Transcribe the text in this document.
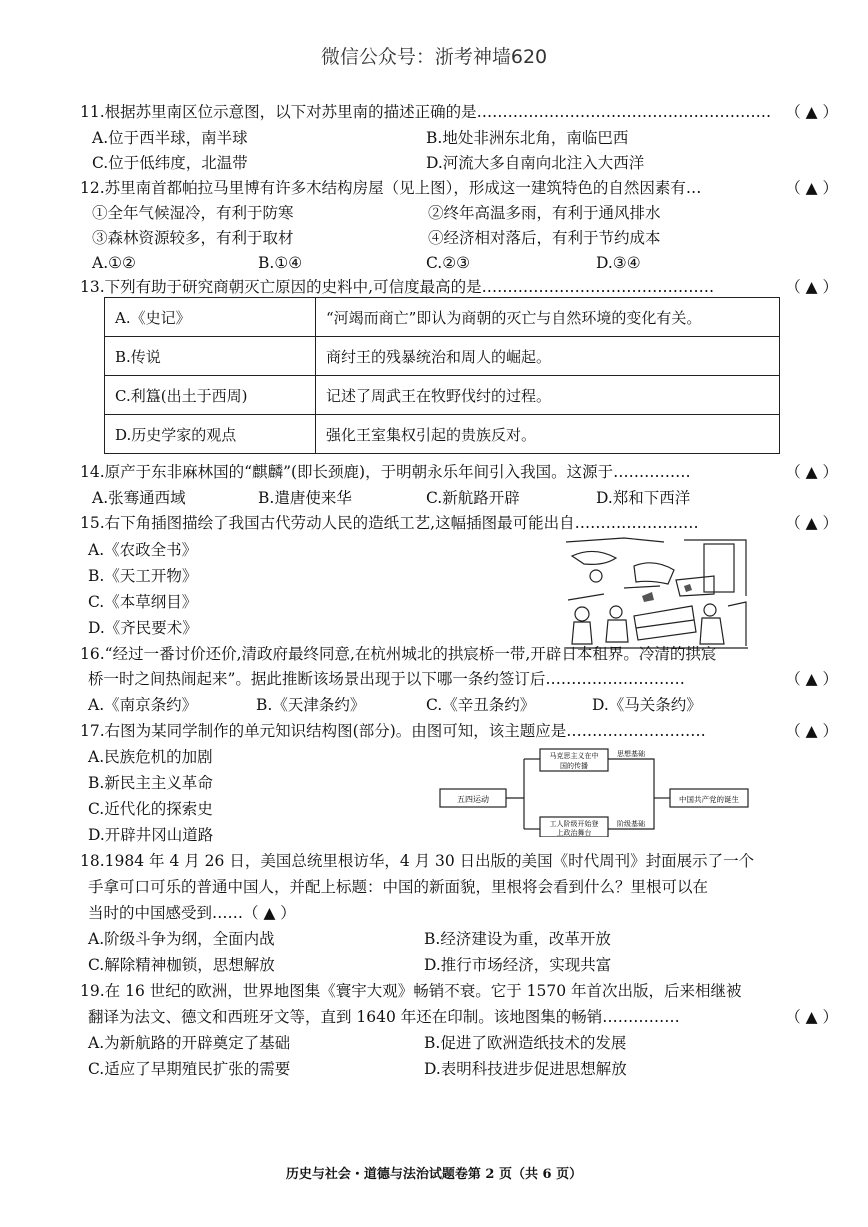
微信公众号：浙考神墙620
11.根据苏里南区位示意图，以下对苏里南的描述正确的是………………………………………………… （ ▲ ）
A.位于西半球，南半球	B.地处非洲东北角，南临巴西
C.位于低纬度，北温带	D.河流大多自南向北注入大西洋
12.苏里南首都帕拉马里博有许多木结构房屋（见上图），形成这一建筑特色的自然因素有…	（ ▲ ）
①全年气候湿冷，有利于防寒	②终年高温多雨，有利于通风排水
③森林资源较多，有利于取材	④经济相对落后，有利于节约成本
A.①②	B.①④	C.②③	D.③④
13.下列有助于研究商朝灭亡原因的史料中,可信度最高的是………………………………………	（ ▲ ）
A.《史记》	“河竭而商亡”即认为商朝的灭亡与自然环境的变化有关。
B.传说	商纣王的残暴统治和周人的崛起。
C.利簋(出土于西周)	记述了周武王在牧野伐纣的过程。
D.历史学家的观点	强化王室集权引起的贵族反对。
14.原产于东非麻林国的“麒麟”(即长颈鹿)，于明朝永乐年间引入我国。这源于……………	（ ▲ ）
A.张骞通西域	B.遣唐使来华	C.新航路开辟	D.郑和下西洋
15.右下角插图描绘了我国古代劳动人民的造纸工艺,这幅插图最可能出自……………………	（ ▲ ）
A.《农政全书》
B.《天工开物》
C.《本草纲目》
D.《齐民要术》
16.“经过一番讨价还价,清政府最终同意,在杭州城北的拱宸桥一带,开辟日本租界。冷清的拱宸
桥一时之间热闹起来”。据此推断该场景出现于以下哪一条约签订后………………………	（ ▲ ）
A.《南京条约》	B.《天津条约》	C.《辛丑条约》	D.《马关条约》
17.右图为某同学制作的单元知识结构图(部分)。由图可知，该主题应是………………………	（ ▲ ）
A.民族危机的加剧
B.新民主主义革命
C.近代化的探索史
D.开辟井冈山道路
五四运动
马克思主义在中
国的传播
思想基础
工人阶级开始登
上政治舞台
阶级基础
中国共产党的诞生
18.1984 年 4 月 26 日，美国总统里根访华，4 月 30 日出版的美国《时代周刊》封面展示了一个
手拿可口可乐的普通中国人，并配上标题：中国的新面貌，里根将会看到什么？里根可以在
当时的中国感受到……（ ▲ ）
A.阶级斗争为纲，全面内战	B.经济建设为重，改革开放
C.解除精神枷锁，思想解放	D.推行市场经济，实现共富
19.在 16 世纪的欧洲，世界地图集《寰宇大观》畅销不衰。它于 1570 年首次出版，后来相继被
翻译为法文、德文和西班牙文等，直到 1640 年还在印制。该地图集的畅销……………	（ ▲ ）
A.为新航路的开辟奠定了基础	B.促进了欧洲造纸技术的发展
C.适应了早期殖民扩张的需要	D.表明科技进步促进思想解放
历史与社会・道德与法治试题卷第 2 页（共 6 页）
